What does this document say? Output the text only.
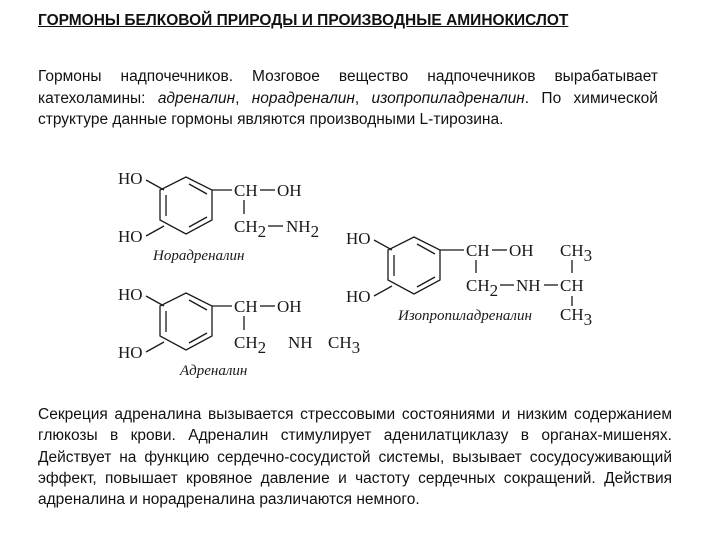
ГОРМОНЫ БЕЛКОВОЙ ПРИРОДЫ И ПРОИЗВОДНЫЕ АМИНОКИСЛОТ
Гормоны надпочечников. Мозговое вещество надпочечников вырабатывает катехоламины: адреналин, норадреналин, изопропиладреналин. По химической структуре данные гормоны являются производными L-тирозина.
HO
HO
CH OH
CH2 NH2
Норадреналин
HO
HO
CH OH
CH2 NH CH3
Адреналин
HO
HO
CH OH
CH2 NH CH
CH3
Изопропиладреналин CH3
Секреция адреналина вызывается стрессовыми состояниями и низким содержанием глюкозы в крови. Адреналин стимулирует аденилатциклазу в органах-мишенях. Действует на функцию сердечно-сосудистой системы, вызывает сосудосуживающий эффект, повышает кровяное давление и частоту сердечных сокращений. Действия адреналина и норадреналина различаются немного.
